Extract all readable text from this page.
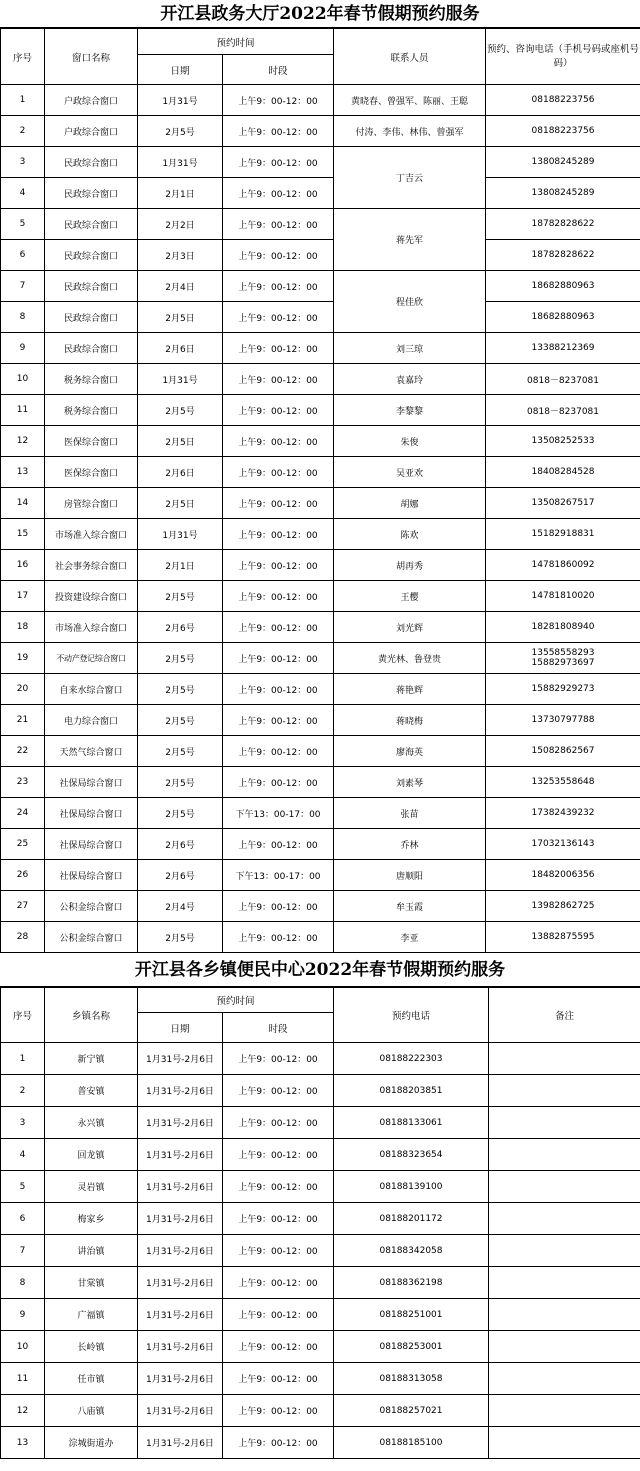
开江县政务大厅2022年春节假期预约服务
序号	窗口名称	预约时间		联系人员	预约、咨询电话（手机号码或座机号码）
		日期	时段		
1	户政综合窗口	1月31号	上午9：00-12：00	黄晓春、曾强军、陈丽、王聪	08188223756
2	户政综合窗口	2月5号	上午9：00-12：00	付涛、李伟、林伟、曾强军	08188223756
3	民政综合窗口	1月31号	上午9：00-12：00	丁吉云	13808245289
4	民政综合窗口	2月1日	上午9：00-12：00		13808245289
5	民政综合窗口	2月2日	上午9：00-12：00	蒋先军	18782828622
6	民政综合窗口	2月3日	上午9：00-12：00		18782828622
7	民政综合窗口	2月4日	上午9：00-12：00	程佳欣	18682880963
8	民政综合窗口	2月5日	上午9：00-12：00		18682880963
9	民政综合窗口	2月6日	上午9：00-12：00	刘三琼	13388212369
10	税务综合窗口	1月31号	上午9：00-12：00	袁嘉玲	0818－8237081
11	税务综合窗口	2月5号	上午9：00-12：00	李黎黎	0818－8237081
12	医保综合窗口	2月5日	上午9：00-12：00	朱俊	13508252533
13	医保综合窗口	2月6日	上午9：00-12：00	吴亚欢	18408284528
14	房管综合窗口	2月5日	上午9：00-12：00	胡娜	13508267517
15	市场准入综合窗口	1月31号	上午9：00-12：00	陈欢	15182918831
16	社会事务综合窗口	2月1日	上午9：00-12：00	胡再秀	14781860092
17	投资建设综合窗口	2月5号	上午9：00-12：00	王樱	14781810020
18	市场准入综合窗口	2月6号	上午9：00-12：00	刘光辉	18281808940
19	不动产登记综合窗口	2月5号	上午9：00-12：00	黄光林、鲁登贵	13558558293
15882973697

20	自来水综合窗口	2月5号	上午9：00-12：00	蒋艳辉	15882929273
21	电力综合窗口	2月5号	上午9：00-12：00	蒋晓梅	13730797788
22	天然气综合窗口	2月5号	上午9：00-12：00	廖海英	15082862567
23	社保局综合窗口	2月5号	上午9：00-12：00	刘素琴	13253558648
24	社保局综合窗口	2月5号	下午13：00-17：00	张苗	17382439232
25	社保局综合窗口	2月6号	上午9：00-12：00	乔林	17032136143
26	社保局综合窗口	2月6号	下午13：00-17：00	唐顺阳	18482006356
27	公积金综合窗口	2月4号	上午9：00-12：00	牟玉霞	13982862725
28	公积金综合窗口	2月5号	上午9：00-12：00	李亚	13882875595
开江县各乡镇便民中心2022年春节假期预约服务
序号	乡镇名称	预约时间		预约电话	备注
		日期	时段		
1	新宁镇	1月31号-2月6日	上午9：00-12：00	08188222303	
2	普安镇	1月31号-2月6日	上午9：00-12：00	08188203851	
3	永兴镇	1月31号-2月6日	上午9：00-12：00	08188133061	
4	回龙镇	1月31号-2月6日	上午9：00-12：00	08188323654	
5	灵岩镇	1月31号-2月6日	上午9：00-12：00	08188139100	
6	梅家乡	1月31号-2月6日	上午9：00-12：00	08188201172	
7	讲治镇	1月31号-2月6日	上午9：00-12：00	08188342058	
8	甘棠镇	1月31号-2月6日	上午9：00-12：00	08188362198	
9	广福镇	1月31号-2月6日	上午9：00-12：00	08188251001	
10	长岭镇	1月31号-2月6日	上午9：00-12：00	08188253001	
11	任市镇	1月31号-2月6日	上午9：00-12：00	08188313058	
12	八庙镇	1月31号-2月6日	上午9：00-12：00	08188257021	
13	淙城街道办	1月31号-2月6日	上午9：00-12：00	08188185100	
